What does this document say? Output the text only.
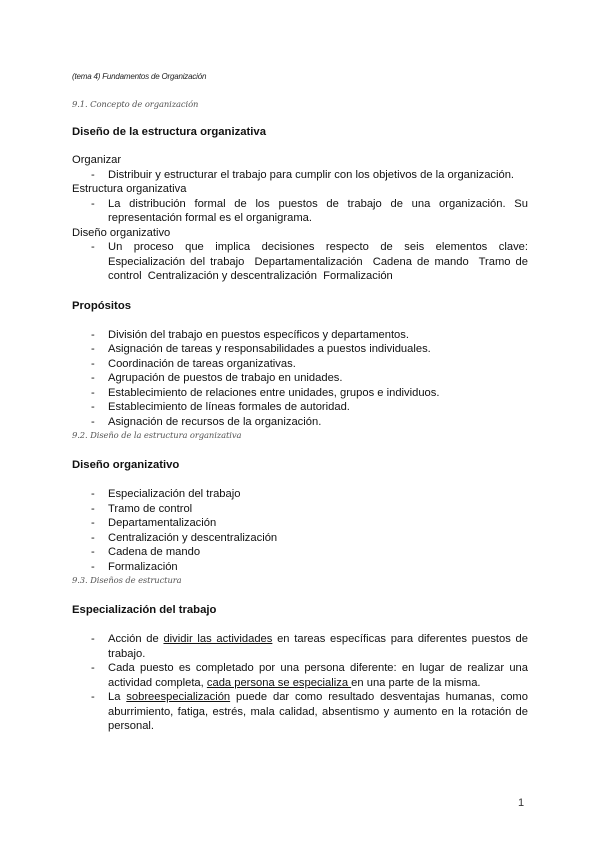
(tema 4) Fundamentos de Organización
9.1. Concepto de organización
Diseño de la estructura organizativa
Organizar
- Distribuir y estructurar el trabajo para cumplir con los objetivos de la organización.
Estructura organizativa
- La distribución formal de los puestos de trabajo de una organización. Su representación formal es el organigrama.
Diseño organizativo
- Un proceso que implica decisiones respecto de seis elementos clave: Especialización del trabajo  Departamentalización  Cadena de mando  Tramo de control  Centralización y descentralización  Formalización
Propósitos
- División del trabajo en puestos específicos y departamentos.
- Asignación de tareas y responsabilidades a puestos individuales.
- Coordinación de tareas organizativas.
- Agrupación de puestos de trabajo en unidades.
- Establecimiento de relaciones entre unidades, grupos e individuos.
- Establecimiento de líneas formales de autoridad.
- Asignación de recursos de la organización.
9.2. Diseño de la estructura organizativa
Diseño organizativo
- Especialización del trabajo
- Tramo de control
- Departamentalización
- Centralización y descentralización
- Cadena de mando
- Formalización
9.3. Diseños de estructura
Especialización del trabajo
- Acción de dividir las actividades en tareas específicas para diferentes puestos de trabajo.
- Cada puesto es completado por una persona diferente: en lugar de realizar una actividad completa, cada persona se especializa en una parte de la misma.
- La sobreespecialización puede dar como resultado desventajas humanas, como aburrimiento, fatiga, estrés, mala calidad, absentismo y aumento en la rotación de personal.
1
